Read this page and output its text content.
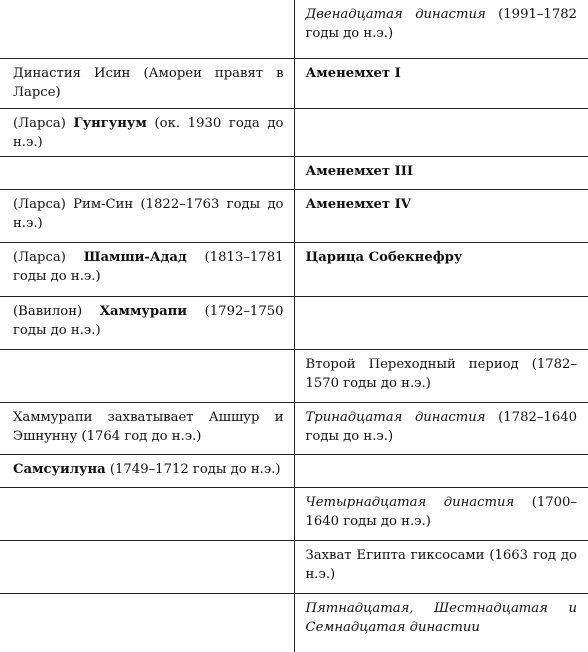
	Двенадцатая династия (1991–1782 годы до н.э.)
Династия Исин (Амореи правят в Ларсе)	Аменемхет I
(Ларса) Гунгунум (ок. 1930 года до н.э.)	
	Аменемхет III
(Ларса) Рим-Син (1822–1763 годы до н.э.)	Аменемхет IV
(Ларса) Шамши-Адад (1813–1781 годы до н.э.)	Царица Собекнефру
(Вавилон) Хаммурапи (1792–1750 годы до н.э.)	
	Второй Переходный период (1782–1570 годы до н.э.)
Хаммурапи захватывает Ашшур и Эшнунну (1764 год до н.э.)	Тринадцатая династия (1782–1640 годы до н.э.)
Самсуилуна (1749–1712 годы до н.э.)	
	Четырнадцатая династия (1700–1640 годы до н.э.)
	Захват Египта гиксосами (1663 год до н.э.)
	Пятнадцатая, Шестнадцатая и Семнадцатая династии
